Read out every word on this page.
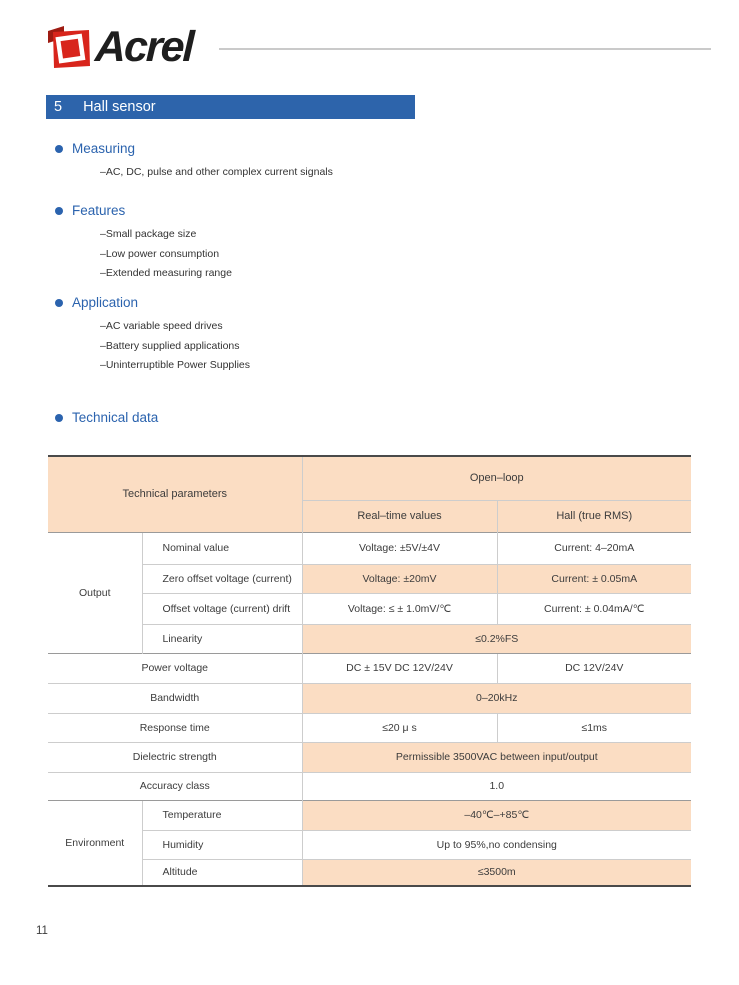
Acrel
5 Hall sensor
Measuring
–AC, DC, pulse and other complex current signals
Features
–Small package size
–Low power consumption
–Extended measuring range
Application
–AC variable speed drives
–Battery supplied applications
–Uninterruptible Power Supplies
Technical data
Technical parameters		Open–loop	
		Real–time values	Hall (true RMS)
Output	Nominal value	Voltage: ±5V/±4V	Current: 4–20mA
	Zero offset voltage (current)	Voltage: ±20mV	Current: ± 0.05mA
	Offset voltage (current) drift	Voltage: ≤ ± 1.0mV/℃	Current: ± 0.04mA/℃
	Linearity	≤0.2%FS	
Power voltage		DC ± 15V DC 12V/24V	DC 12V/24V
Bandwidth		0–20kHz	
Response time		≤20 μ s	≤1ms
Dielectric strength		Permissible 3500VAC between input/output	
Accuracy class		1.0	
Environment	Temperature	–40℃–+85℃	
	Humidity	Up to 95%,no condensing	
	Altitude	≤3500m	
11
